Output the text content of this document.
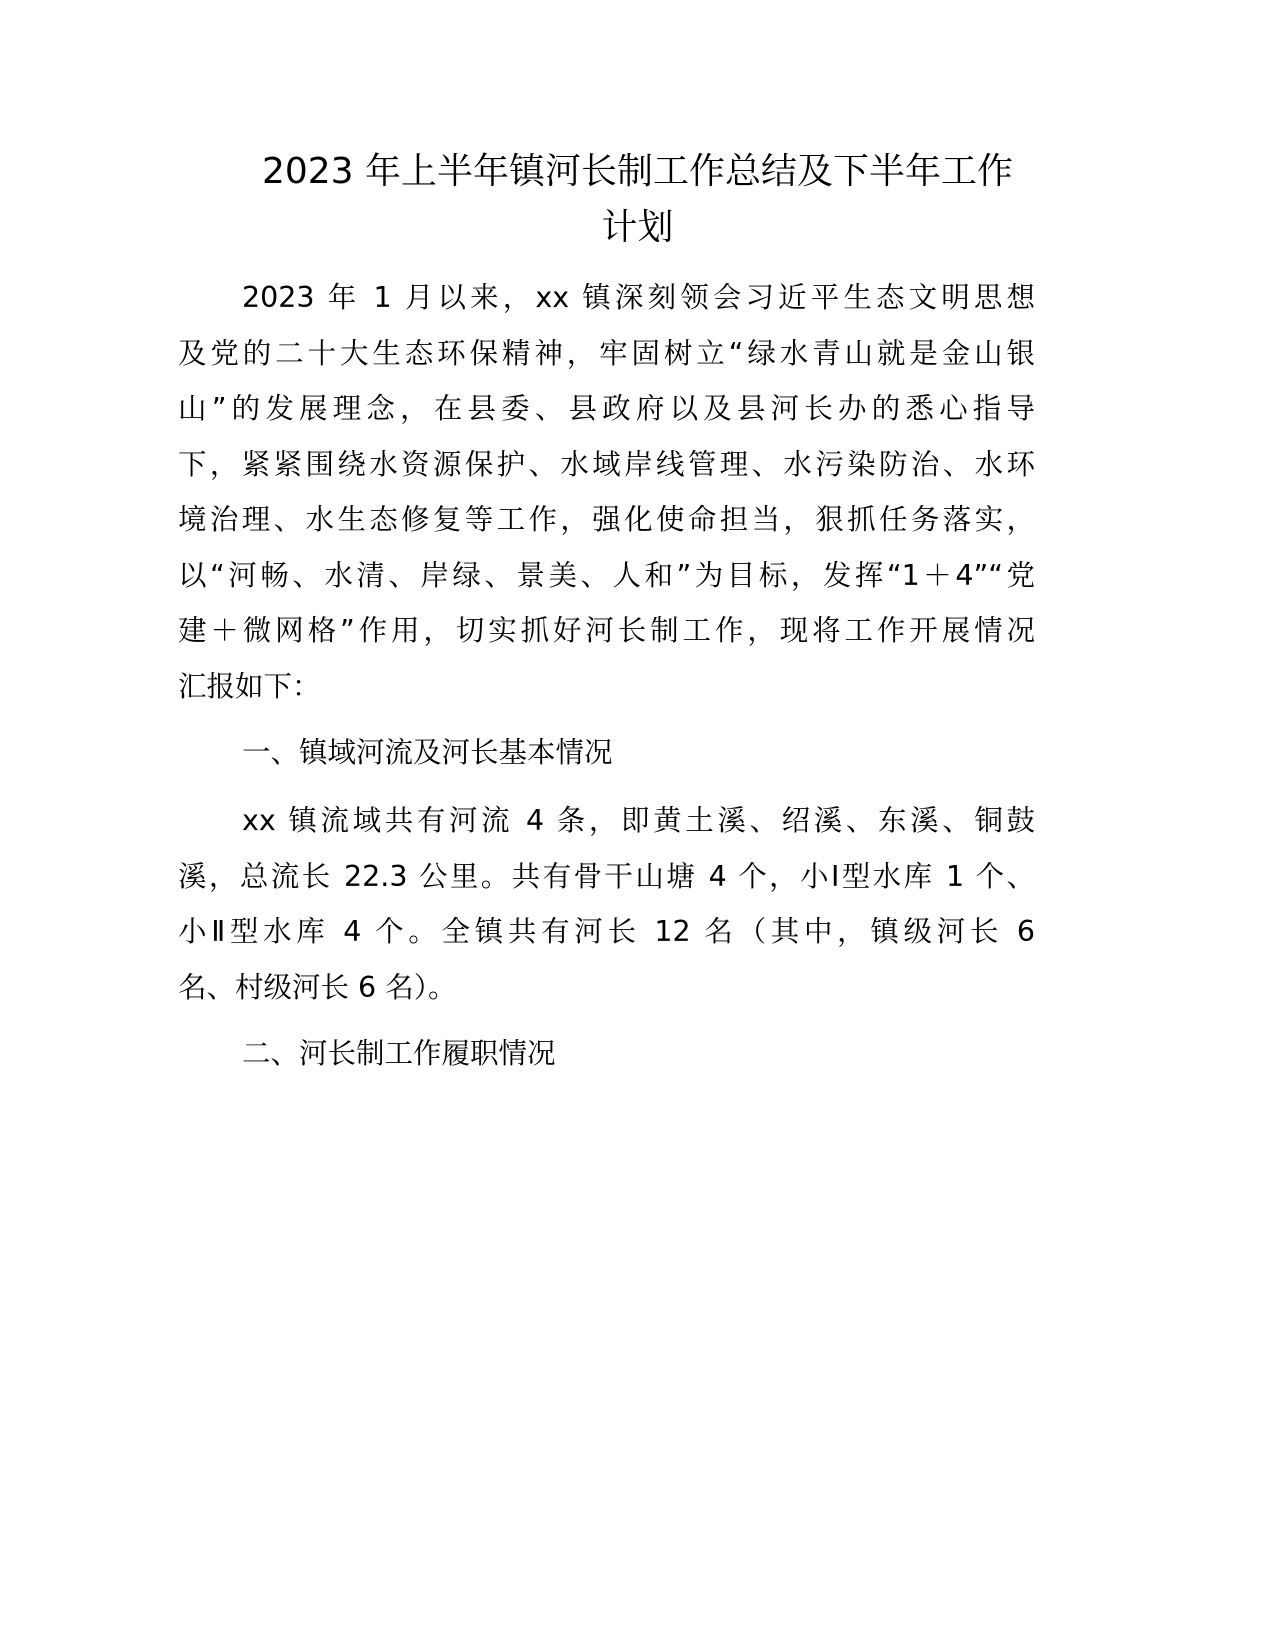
2023 年上半年镇河长制工作总结及下半年工作
计划
2023 年 1 月以来，xx 镇深刻领会习近平生态文明思想
及党的二十大生态环保精神，牢固树立“绿水青山就是金山银
山”的发展理念，在县委、县政府以及县河长办的悉心指导
下，紧紧围绕水资源保护、水域岸线管理、水污染防治、水环
境治理、水生态修复等工作，强化使命担当，狠抓任务落实，
以“河畅、水清、岸绿、景美、人和”为目标，发挥“1＋4”“党
建＋微网格”作用，切实抓好河长制工作，现将工作开展情况
汇报如下：
一、镇域河流及河长基本情况
xx 镇流域共有河流 4 条，即黄土溪、绍溪、东溪、铜鼓
溪，总流长 22.3 公里。共有骨干山塘 4 个，小Ⅰ型水库 1 个、
小Ⅱ型水库 4 个。全镇共有河长 12 名（其中，镇级河长 6
名、村级河长 6 名）。
二、河长制工作履职情况
